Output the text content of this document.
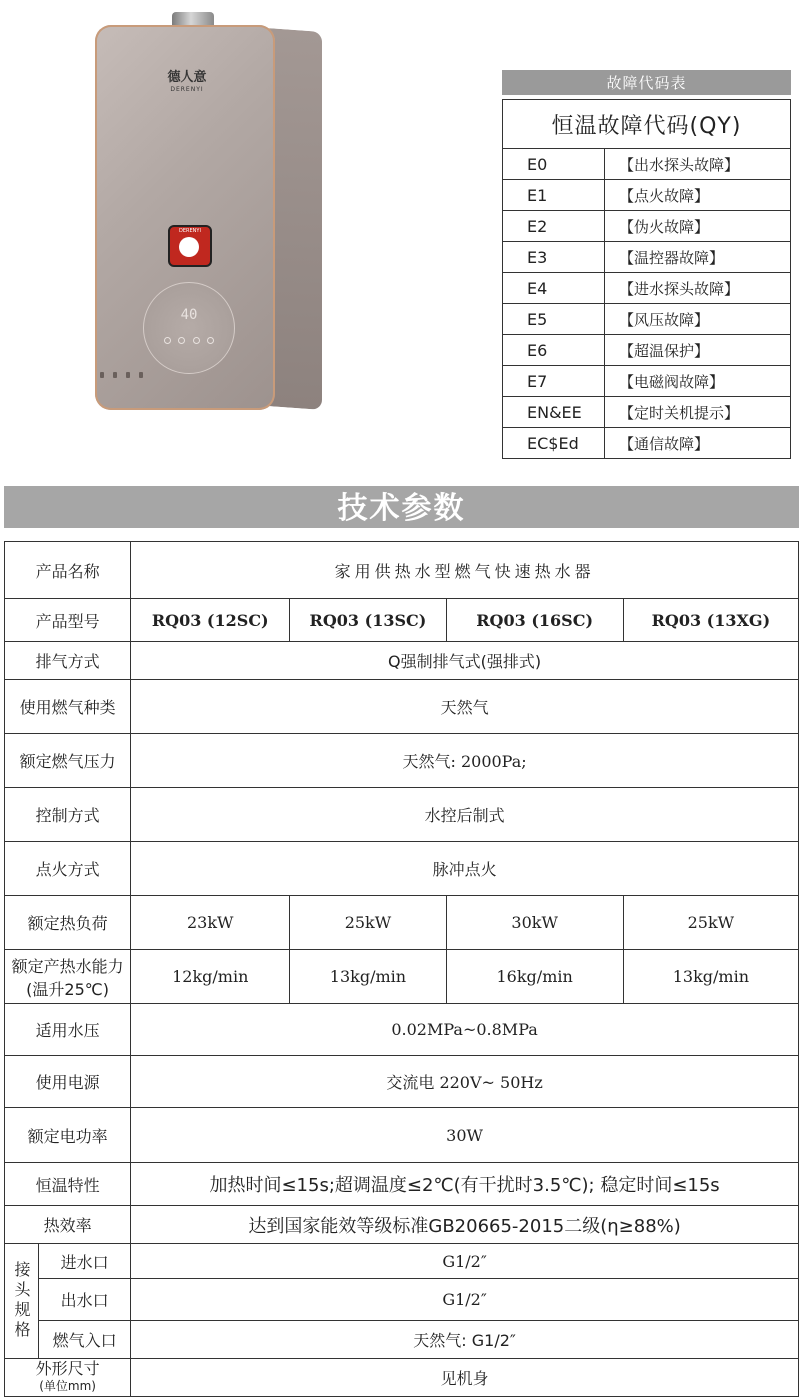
德人意
DERENYI
DERENYI
40
故障代码表
恒温故障代码(QY)	
E0	【出水探头故障】
E1	【点火故障】
E2	【伪火故障】
E3	【温控器故障】
E4	【进水探头故障】
E5	【风压故障】
E6	【超温保护】
E7	【电磁阀故障】
EN&EE	【定时关机提示】
EC$Ed	【通信故障】
技术参数
产品名称		家用供热水型燃气快速热水器			
产品型号		RQ03 (12SC)	RQ03 (13SC)	RQ03 (16SC)	RQ03 (13XG)
排气方式		Q强制排气式(强排式)			
使用燃气种类		天然气			
额定燃气压力		天然气: 2000Pa;			
控制方式		水控后制式			
点火方式		脉冲点火			
额定热负荷		23kW	25kW	30kW	25kW
额定产热水能力(温升25℃)		12kg/min	13kg/min	16kg/min	13kg/min
适用水压		0.02MPa~0.8MPa			
使用电源		交流电 220V~ 50Hz			
额定电功率		30W			
恒温特性		加热时间≤15s;超调温度≤2℃(有干扰时3.5℃); 稳定时间≤15s			
热效率		达到国家能效等级标准GB20665-2015二级(η≥88%)			
接头规格	进水口	G1/2″			
	出水口	G1/2″			
	燃气入口	天然气: G1/2″			
外形尺寸
(单位mm)		见机身			
